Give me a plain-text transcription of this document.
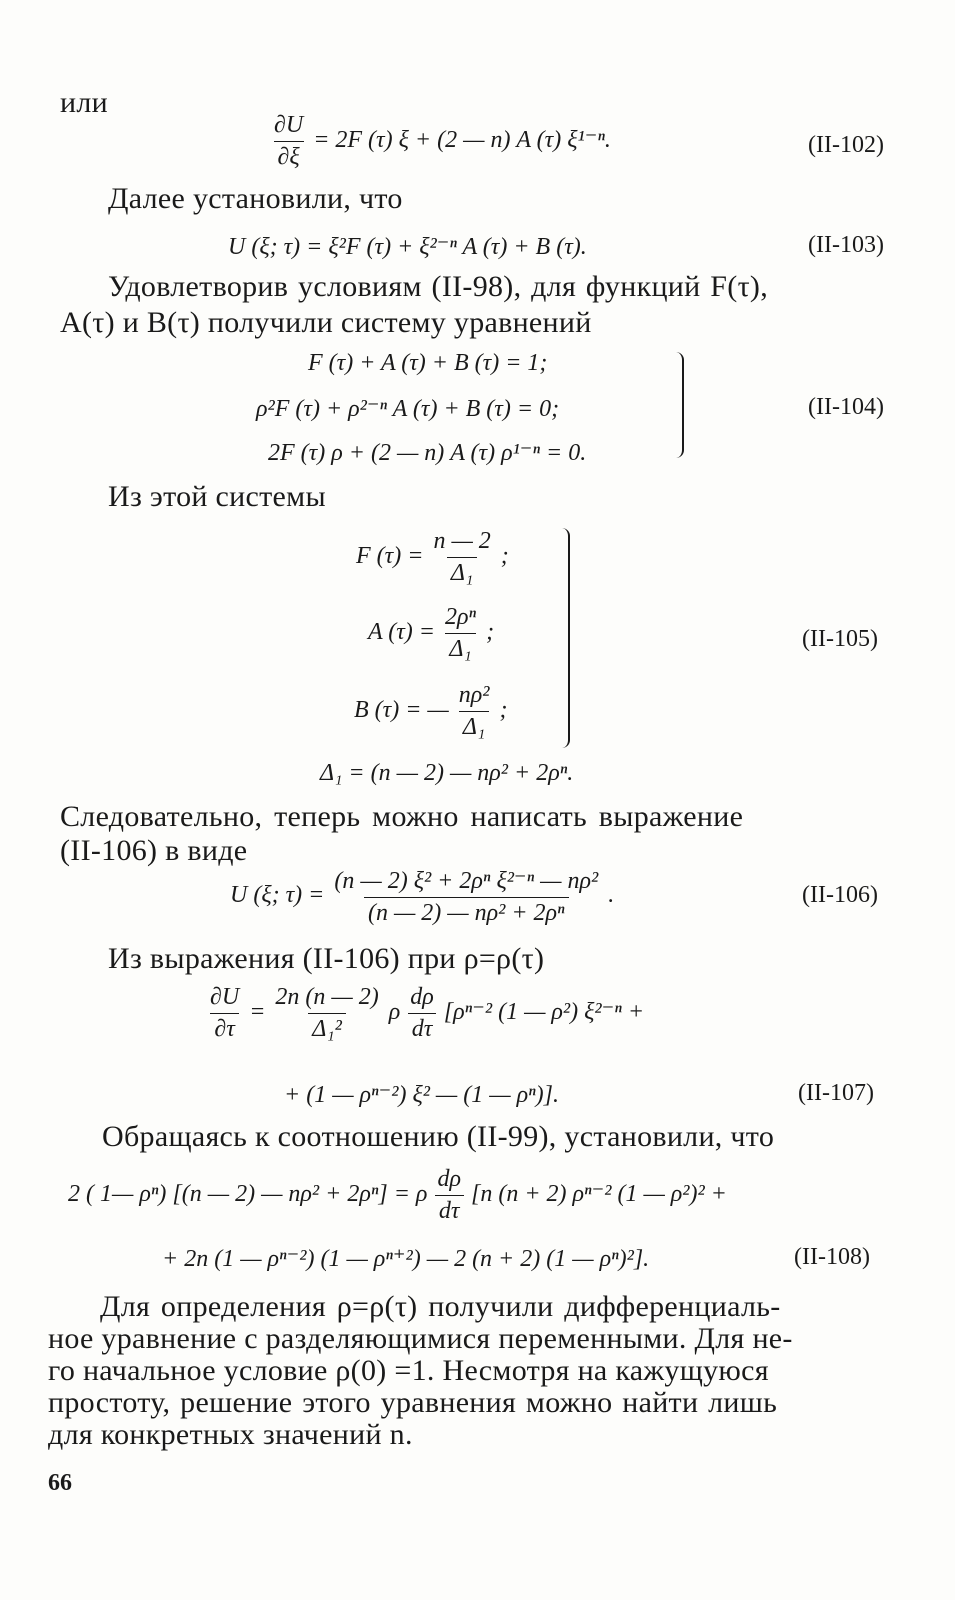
или
$\frac{\partial U}{\partial\xi} = 2F$ (τ) ξ + (2 — n) A (τ) ξ¹⁻ⁿ.	(II-102)
Далее установили, что
U (ξ; τ) = ξ²F (τ) + ξ²⁻ⁿ A (τ) + B (τ).	(II-103)
Удовлетворив условиям (II-98), для функций F(τ),
A(τ) и B(τ) получили систему уравнений
F (τ) + A (τ) + B (τ) = 1;
ρ²F (τ) + ρ²⁻ⁿ A (τ) + B (τ) = 0;
2F (τ) ρ + (2 — n) A (τ) ρ¹⁻ⁿ = 0.
(II-104)
Из этой системы
F $(\tau) = \frac{n — 2}{\text{Δ₁}}$ ;
A $(\tau) = \frac{\text{2ρⁿ}}{\text{Δ₁}}$ ;
B (τ) = — $\frac{\text{nρ²}}{\text{Δ₁}}$ ;
(II-105)
Δ₁ = (n — 2) — nρ² + 2ρⁿ.
Следовательно, теперь можно написать выражение
(II-106) в виде
U (ξ; $\tau) = \frac{\text{(n — 2) ξ² + 2ρⁿ ξ²⁻ⁿ — nρ²}}{\text{(n — 2) — nρ² + 2ρⁿ}}$ .	(II-106)
Из выражения (II-106) при ρ=ρ(τ)
$\frac{\partial U}{\partial\tau} = \frac{2n (n — 2)}{\text{Δ₁²}}$ ρ $\frac{d\rho}{d\tau} [\rho^{n-2}$ (1 — ρ²) ξ²⁻ⁿ +
+ (1 — ρⁿ⁻²) ξ² — (1 — ρⁿ)].	(II-107)
Обращаясь к соотношению (II-99), установили, что
2 ( 1— ρⁿ) [(n — 2) — nρ² + 2ρⁿ] = ρ $\frac{d\rho}{d\tau} [n$ (n + 2) ρⁿ⁻² (1 — ρ²)² +
+ 2n (1 — ρⁿ⁻²) (1 — ρⁿ⁺²) — 2 (n + 2) (1 — ρⁿ)²].	(II-108)
Для определения ρ=ρ(τ) получили дифференциаль-
ное уравнение с разделяющимися переменными. Для не-
го начальное условие ρ(0) =1. Несмотря на кажущуюся
простоту, решение этого уравнения можно найти лишь
для конкретных значений n.
66
